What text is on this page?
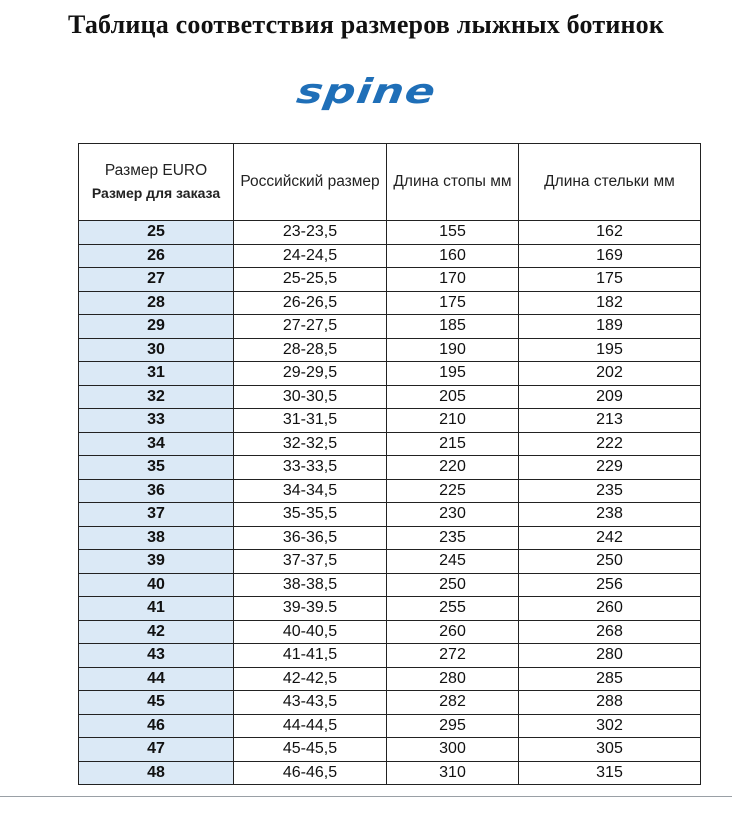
Таблица соответствия размеров лыжных ботинок
spine
Размер EURO
Размер для заказа	Российский размер	Длина стопы мм	Длина стельки мм
25	23-23,5	155	162
26	24-24,5	160	169
27	25-25,5	170	175
28	26-26,5	175	182
29	27-27,5	185	189
30	28-28,5	190	195
31	29-29,5	195	202
32	30-30,5	205	209
33	31-31,5	210	213
34	32-32,5	215	222
35	33-33,5	220	229
36	34-34,5	225	235
37	35-35,5	230	238
38	36-36,5	235	242
39	37-37,5	245	250
40	38-38,5	250	256
41	39-39.5	255	260
42	40-40,5	260	268
43	41-41,5	272	280
44	42-42,5	280	285
45	43-43,5	282	288
46	44-44,5	295	302
47	45-45,5	300	305
48	46-46,5	310	315
